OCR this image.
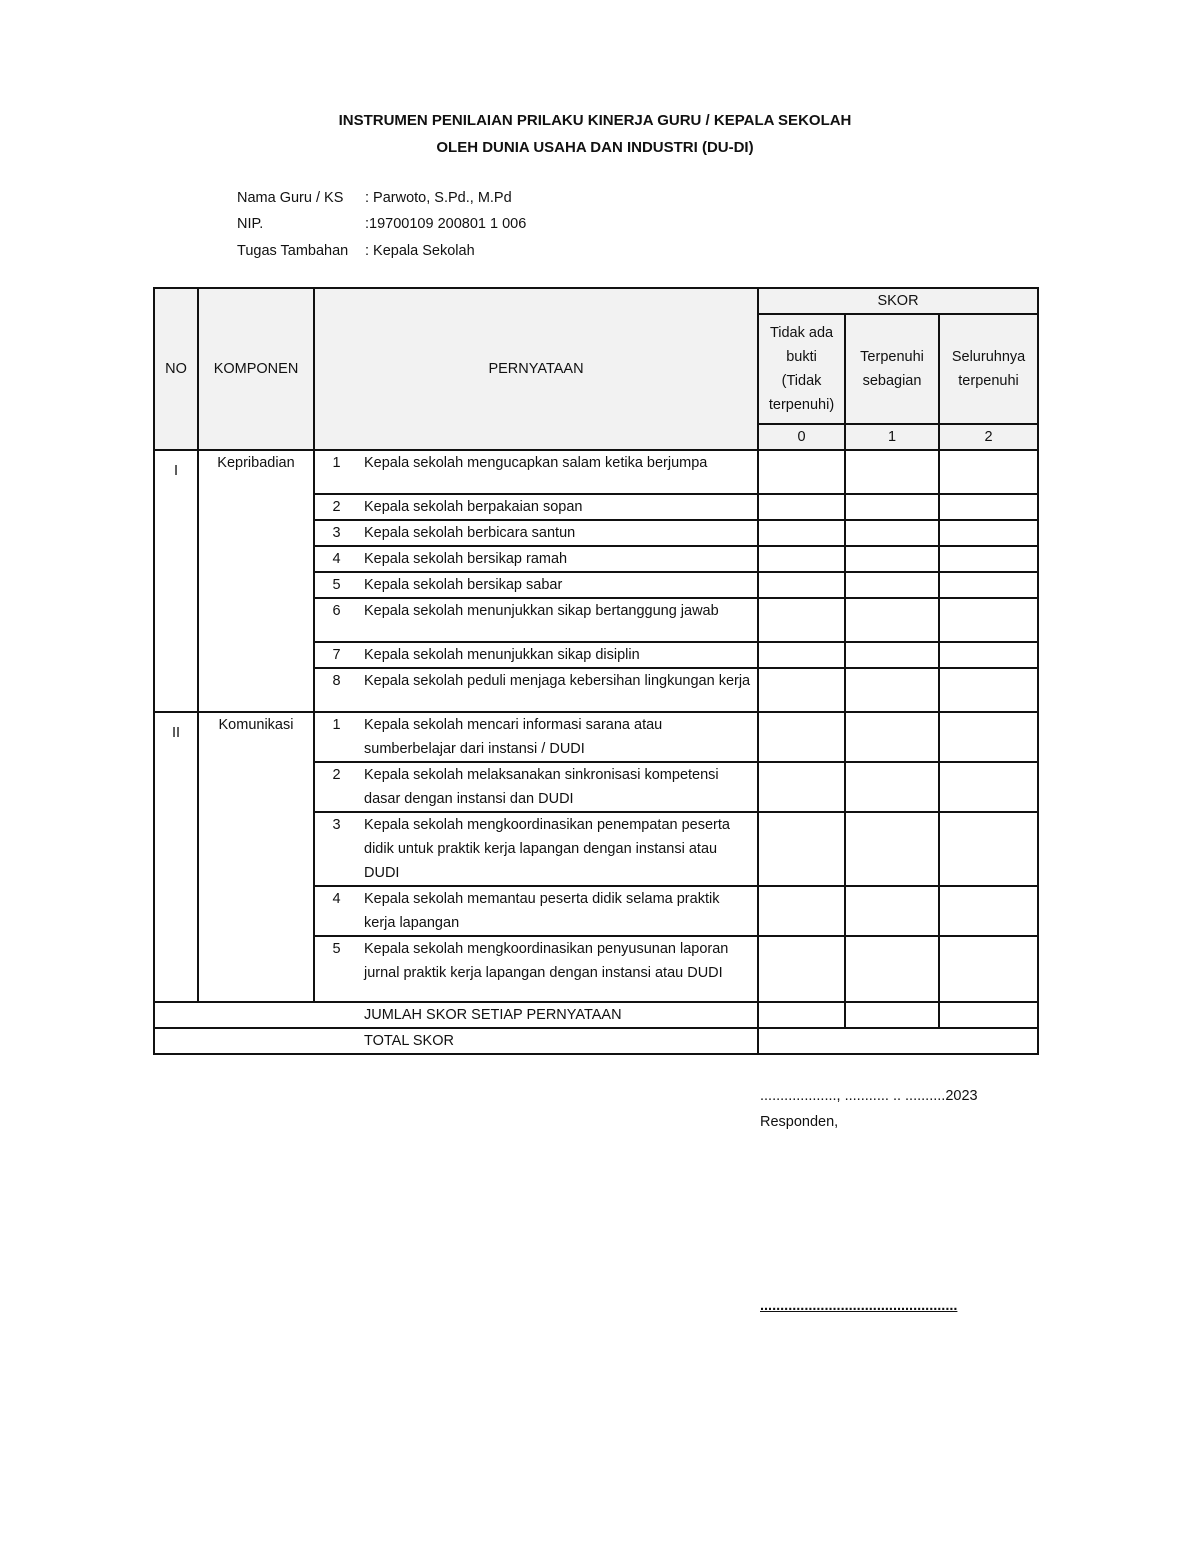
INSTRUMEN PENILAIAN PRILAKU KINERJA GURU / KEPALA SEKOLAH
OLEH DUNIA USAHA DAN INDUSTRI (DU-DI)
Nama Guru / KS : Parwoto, S.Pd., M.Pd
NIP.	:19700109 200801 1 006
Tugas Tambahan : Kepala Sekolah
NO	KOMPONEN	PERNYATAAN		SKOR		
				Tidak ada bukti (Tidak terpenuhi)	Terpenuhi sebagian	Seluruhnya terpenuhi
				0	1	2
I	Kepribadian	1	Kepala sekolah mengucapkan salam ketika berjumpa			
		2	Kepala sekolah berpakaian sopan			
		3	Kepala sekolah berbicara santun			
		4	Kepala sekolah bersikap ramah			
		5	Kepala sekolah bersikap sabar			
		6	Kepala sekolah menunjukkan sikap bertanggung jawab			
		7	Kepala sekolah menunjukkan sikap disiplin			
		8	Kepala sekolah peduli menjaga kebersihan lingkungan kerja			
II	Komunikasi	1	Kepala sekolah mencari informasi sarana atau sumberbelajar dari instansi / DUDI			
		2	Kepala sekolah melaksanakan sinkronisasi kompetensi dasar dengan instansi dan DUDI			
		3	Kepala sekolah mengkoordinasikan penempatan peserta didik untuk praktik kerja lapangan dengan instansi atau DUDI			
		4	Kepala sekolah memantau peserta didik selama praktik kerja lapangan			
		5	Kepala sekolah mengkoordinasikan penyusunan laporan jurnal praktik kerja lapangan dengan instansi atau DUDI			
			JUMLAH SKOR SETIAP PERNYATAAN			
			TOTAL SKOR			
..................., ........... .. ..........2023
Responden,
.................................................
